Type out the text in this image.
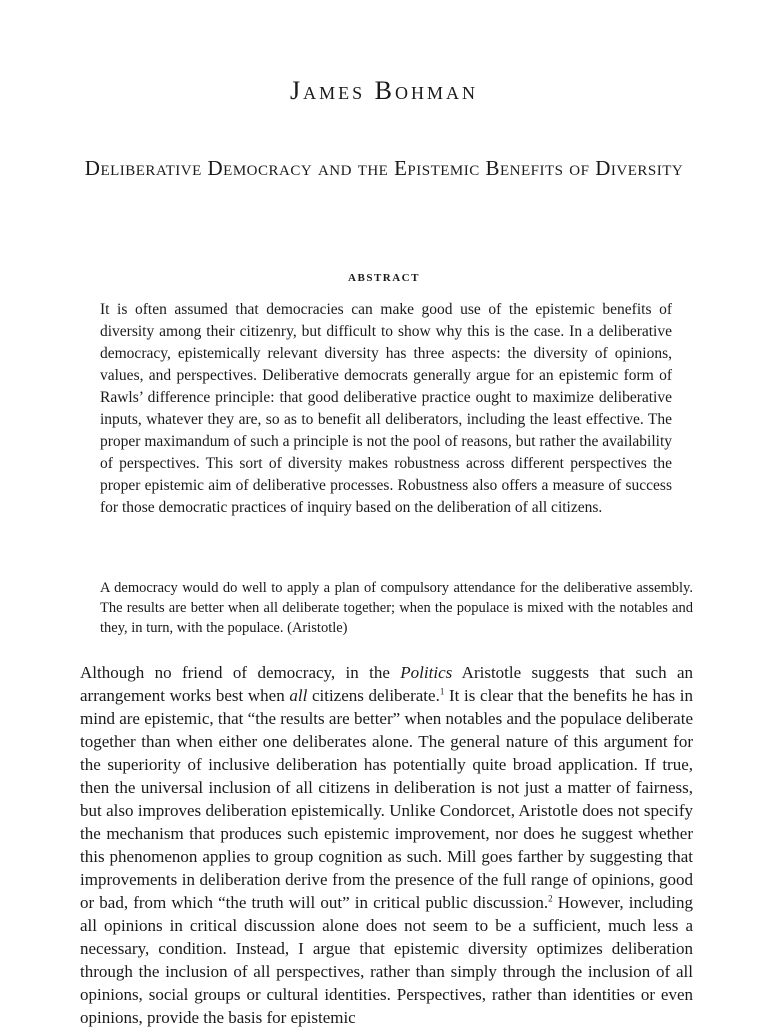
James Bohman
Deliberative Democracy and the Epistemic Benefits of Diversity
abstract
It is often assumed that democracies can make good use of the epistemic benefits of diversity among their citizenry, but difficult to show why this is the case. In a deliberative democracy, epistemically relevant diversity has three aspects: the diversity of opinions, values, and perspectives. Deliberative democrats generally argue for an epistemic form of Rawls’ difference principle: that good deliberative practice ought to maximize deliberative inputs, whatever they are, so as to benefit all deliberators, including the least effective. The proper maximandum of such a principle is not the pool of reasons, but rather the availability of perspectives. This sort of diversity makes robustness across different perspectives the proper epistemic aim of deliberative processes. Robustness also offers a measure of success for those democratic practices of inquiry based on the deliberation of all citizens.
A democracy would do well to apply a plan of compulsory attendance for the deliberative assembly. The results are better when all deliberate together; when the populace is mixed with the notables and they, in turn, with the populace. (Aristotle)
Although no friend of democracy, in the Politics Aristotle suggests that such an arrangement works best when all citizens deliberate.$^1$ It is clear that the benefits he has in mind are epistemic, that “the results are better” when notables and the populace deliberate together than when either one deliberates alone. The general nature of this argument for the superiority of inclusive deliberation has potentially quite broad application. If true, then the universal inclusion of all citizens in deliberation is not just a matter of fairness, but also improves deliberation epistemically. Unlike Condorcet, Aristotle does not specify the mechanism that produces such epistemic improvement, nor does he suggest whether this phenomenon applies to group cognition as such. Mill goes farther by suggesting that improvements in deliberation derive from the presence of the full range of opinions, good or bad, from which “the truth will out” in critical public discussion.$^2$ However, including all opinions in critical discussion alone does not seem to be a sufficient, much less a necessary, condition. Instead, I argue that epistemic diversity optimizes deliberation through the inclusion of all perspectives, rather than simply through the inclusion of all opinions, social groups or cultural identities. Perspectives, rather than identities or even opinions, provide the basis for epistemic
